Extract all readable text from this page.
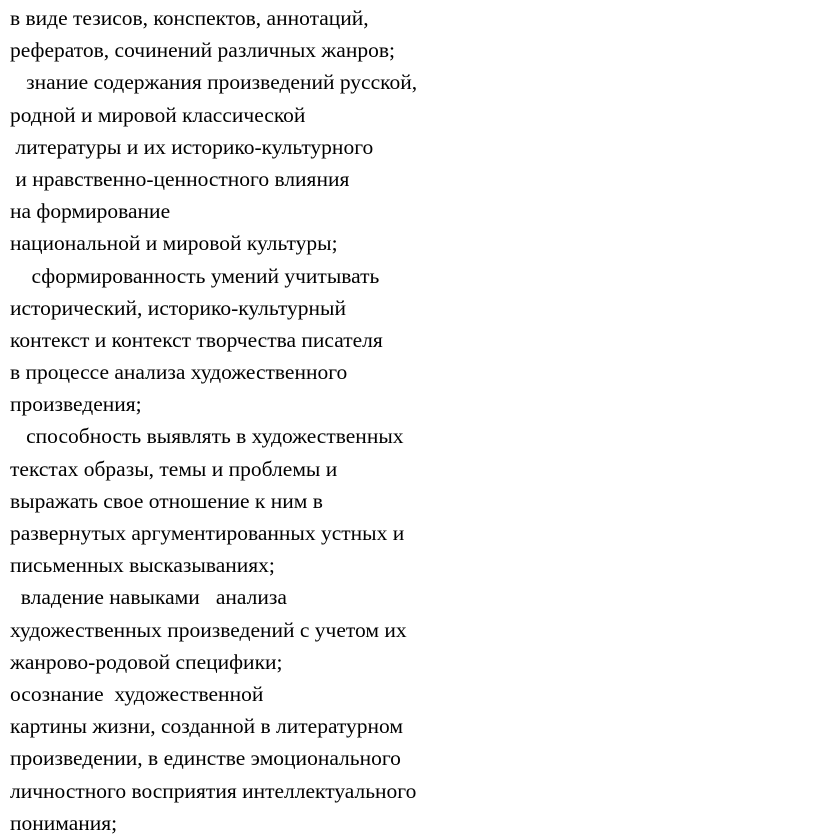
в виде тезисов, конспектов, аннотаций,
рефератов, сочинений различных жанров;
знание содержания произведений русской,
родной и мировой классической
литературы и их историко-культурного
и нравственно-ценностного влияния
на формирование
национальной и мировой культуры;
сформированность умений учитывать
исторический, историко-культурный
контекст и контекст творчества писателя
в процессе анализа художественного
произведения;
способность выявлять в художественных
текстах образы, темы и проблемы и
выражать свое отношение к ним в
развернутых аргументированных устных и
письменных высказываниях;
владение навыками   анализа
художественных произведений с учетом их
жанрово-родовой специфики;
осознание  художественной
картины жизни, созданной в литературном
произведении, в единстве эмоционального
личностного восприятия интеллектуального
понимания;
